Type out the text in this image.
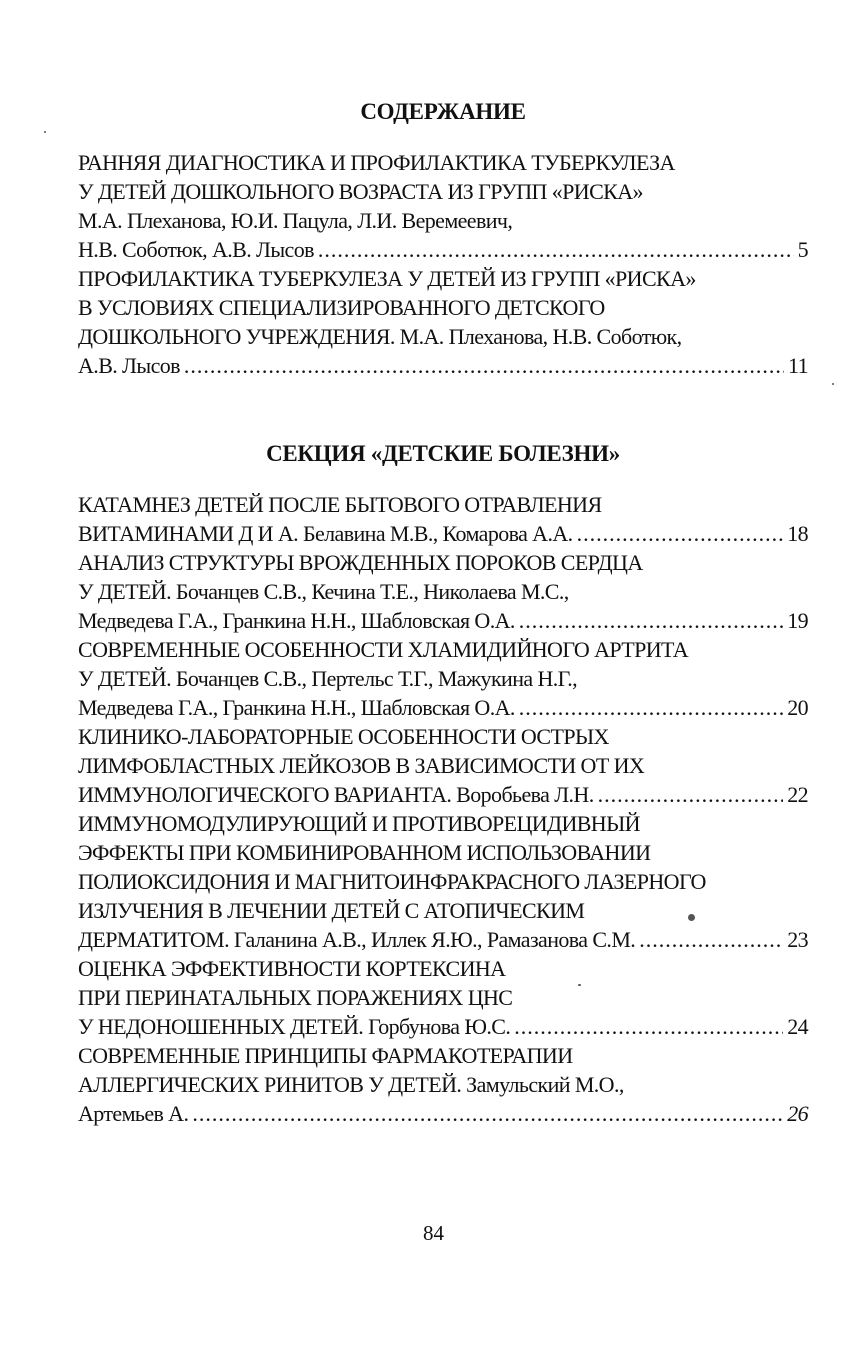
СОДЕРЖАНИЕ
РАННЯЯ ДИАГНОСТИКА И ПРОФИЛАКТИКА ТУБЕРКУЛЕЗА
У ДЕТЕЙ ДОШКОЛЬНОГО ВОЗРАСТА ИЗ ГРУПП «РИСКА»
М.А. Плеханова, Ю.И. Пацула, Л.И. Веремеевич,
Н.В. Соботюк, А.В. Лысов .....	5
ПРОФИЛАКТИКА ТУБЕРКУЛЕЗА У ДЕТЕЙ ИЗ ГРУПП «РИСКА»
В УСЛОВИЯХ СПЕЦИАЛИЗИРОВАННОГО ДЕТСКОГО
ДОШКОЛЬНОГО УЧРЕЖДЕНИЯ. М.А. Плеханова, Н.В. Соботюк,
А.В. Лысов .....	11
СЕКЦИЯ «ДЕТСКИЕ БОЛЕЗНИ»
КАТАМНЕЗ ДЕТЕЙ ПОСЛЕ БЫТОВОГО ОТРАВЛЕНИЯ
ВИТАМИНАМИ Д И А. Белавина М.В., Комарова А.А. .....	18
АНАЛИЗ СТРУКТУРЫ ВРОЖДЕННЫХ ПОРОКОВ СЕРДЦА
У ДЕТЕЙ. Бочанцев С.В., Кечина Т.Е., Николаева М.С.,
Медведева Г.А., Гранкина Н.Н., Шабловская О.А. .....	19
СОВРЕМЕННЫЕ ОСОБЕННОСТИ ХЛАМИДИЙНОГО АРТРИТА
У ДЕТЕЙ. Бочанцев С.В., Пертельс Т.Г., Мажукина Н.Г.,
Медведева Г.А., Гранкина Н.Н., Шабловская О.А. .....	20
КЛИНИКО-ЛАБОРАТОРНЫЕ ОСОБЕННОСТИ ОСТРЫХ
ЛИМФОБЛАСТНЫХ ЛЕЙКОЗОВ В ЗАВИСИМОСТИ ОТ ИХ
ИММУНОЛОГИЧЕСКОГО ВАРИАНТА. Воробьева Л.Н. .....	22
ИММУНОМОДУЛИРУЮЩИЙ И ПРОТИВОРЕЦИДИВНЫЙ
ЭФФЕКТЫ ПРИ КОМБИНИРОВАННОМ ИСПОЛЬЗОВАНИИ
ПОЛИОКСИДОНИЯ И МАГНИТОИНФРАКРАСНОГО ЛАЗЕРНОГО
ИЗЛУЧЕНИЯ В ЛЕЧЕНИИ ДЕТЕЙ С АТОПИЧЕСКИМ
ДЕРМАТИТОМ. Галанина А.В., Иллек Я.Ю., Рамазанова С.М. .....	23
ОЦЕНКА ЭФФЕКТИВНОСТИ КОРТЕКСИНА
ПРИ ПЕРИНАТАЛЬНЫХ ПОРАЖЕНИЯХ ЦНС
У НЕДОНОШЕННЫХ ДЕТЕЙ. Горбунова Ю.С. .....	24
СОВРЕМЕННЫЕ ПРИНЦИПЫ ФАРМАКОТЕРАПИИ
АЛЛЕРГИЧЕСКИХ РИНИТОВ У ДЕТЕЙ. Замульский М.О.,
Артемьев А. .....	26
84
